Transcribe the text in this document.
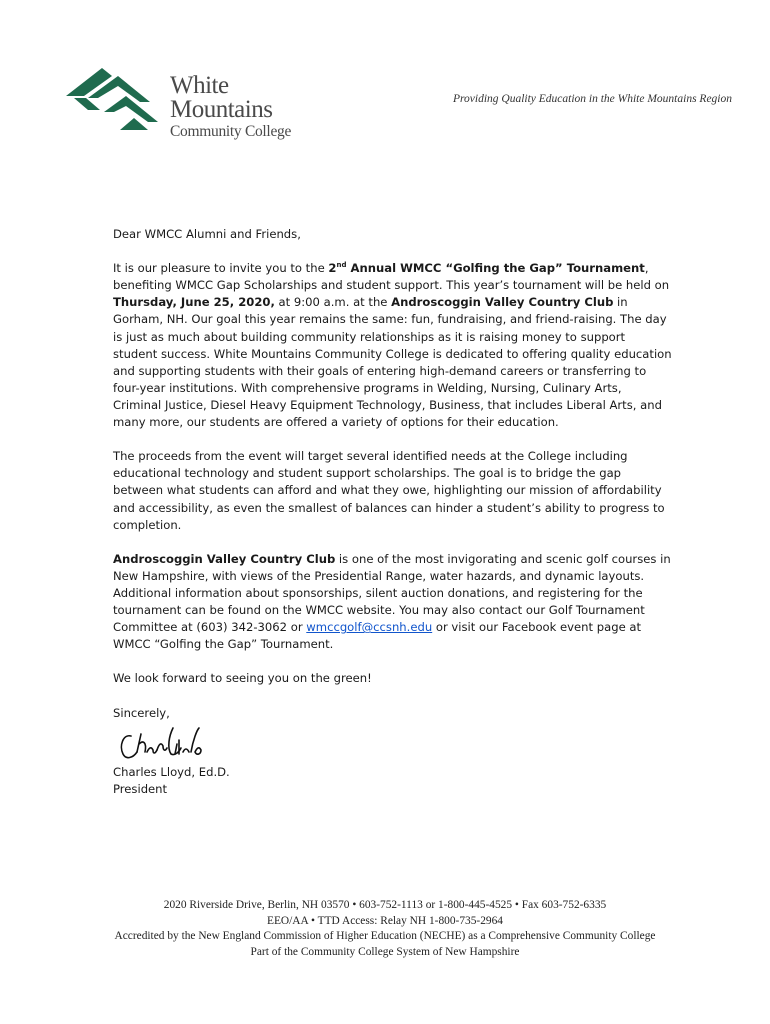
White
Mountains
Community College
Providing Quality Education in the White Mountains Region

Dear WMCC Alumni and Friends,

It is our pleasure to invite you to the 2nd Annual WMCC “Golfing the Gap” Tournament, benefiting WMCC Gap Scholarships and student support. This year’s tournament will be held on Thursday, June 25, 2020, at 9:00 a.m. at the Androscoggin Valley Country Club in Gorham, NH. Our goal this year remains the same: fun, fundraising, and friend-raising. The day is just as much about building community relationships as it is raising money to support student success. White Mountains Community College is dedicated to offering quality education and supporting students with their goals of entering high-demand careers or transferring to four-year institutions. With comprehensive programs in Welding, Nursing, Culinary Arts, Criminal Justice, Diesel Heavy Equipment Technology, Business, that includes Liberal Arts, and many more, our students are offered a variety of options for their education.

The proceeds from the event will target several identified needs at the College including educational technology and student support scholarships. The goal is to bridge the gap between what students can afford and what they owe, highlighting our mission of affordability and accessibility, as even the smallest of balances can hinder a student’s ability to progress to completion.

Androscoggin Valley Country Club is one of the most invigorating and scenic golf courses in New Hampshire, with views of the Presidential Range, water hazards, and dynamic layouts. Additional information about sponsorships, silent auction donations, and registering for the tournament can be found on the WMCC website. You may also contact our Golf Tournament Committee at (603) 342-3062 or wmccgolf@ccsnh.edu or visit our Facebook event page at WMCC “Golfing the Gap” Tournament.

We look forward to seeing you on the green!

Sincerely,

Charles Lloyd, Ed.D.
President
2020 Riverside Drive, Berlin, NH 03570 • 603-752-1113 or 1-800-445-4525 • Fax 603-752-6335
EEO/AA • TTD Access: Relay NH 1-800-735-2964
Accredited by the New England Commission of Higher Education (NECHE) as a Comprehensive Community College
Part of the Community College System of New Hampshire
